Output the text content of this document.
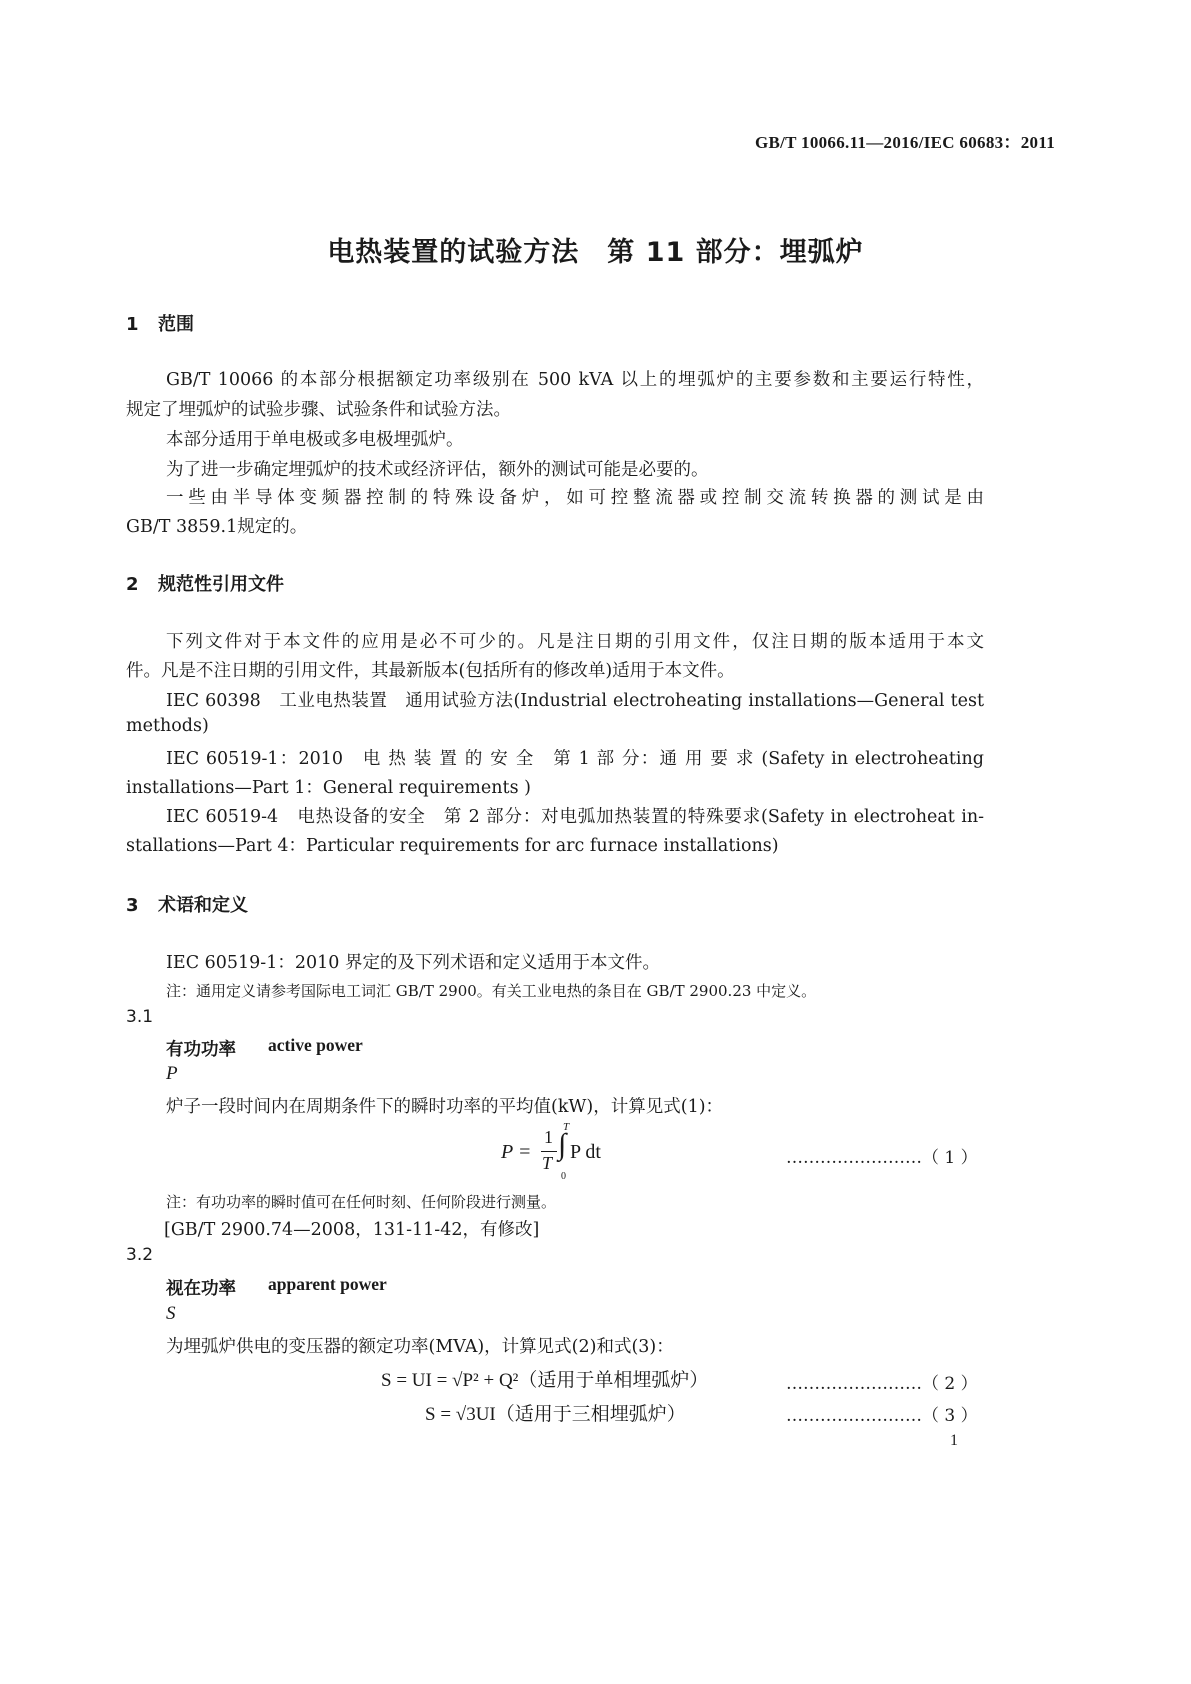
GB/T 10066.11—2016/IEC 60683：2011
电热装置的试验方法　第 11 部分：埋弧炉
1 范围
GB/T 10066 的本部分根据额定功率级别在 500 kVA 以上的埋弧炉的主要参数和主要运行特性，
规定了埋弧炉的试验步骤、试验条件和试验方法。
本部分适用于单电极或多电极埋弧炉。
为了进一步确定埋弧炉的技术或经济评估，额外的测试可能是必要的。
一些由半导体变频器控制的特殊设备炉，如可控整流器或控制交流转换器的测试是由
GB/T 3859.1规定的。
2 规范性引用文件
下列文件对于本文件的应用是必不可少的。凡是注日期的引用文件，仅注日期的版本适用于本文
件。凡是不注日期的引用文件，其最新版本(包括所有的修改单)适用于本文件。
IEC 60398　工业电热装置　通用试验方法(Industrial electroheating installations—General test
methods)
IEC 60519-1：2010　电 热 装 置 的 安 全　第 1 部 分：通 用 要 求 (Safety in electroheating
installations—Part 1：General requirements )
IEC 60519-4　电热设备的安全　第 2 部分：对电弧加热装置的特殊要求(Safety in electroheat in-
stallations—Part 4：Particular requirements for arc furnace installations)
3 术语和定义
IEC 60519-1：2010 界定的及下列术语和定义适用于本文件。
注：通用定义请参考国际电工词汇 GB/T 2900。有关工业电热的条目在 GB/T 2900.23 中定义。
3.1
有功功率 active power
P
炉子一段时间内在周期条件下的瞬时功率的平均值(kW)，计算见式(1)：
P =
1
T
T
∫
0
P dt	……………………（ 1 ）
注：有功功率的瞬时值可在任何时刻、任何阶段进行测量。
[GB/T 2900.74—2008，131-11-42，有修改]
3.2
视在功率 apparent power
S
为埋弧炉供电的变压器的额定功率(MVA)，计算见式(2)和式(3)：
S = UI = √P² + Q²（适用于单相埋弧炉）	……………………（ 2 ）
S = √3UI（适用于三相埋弧炉）	……………………（ 3 ）
1
